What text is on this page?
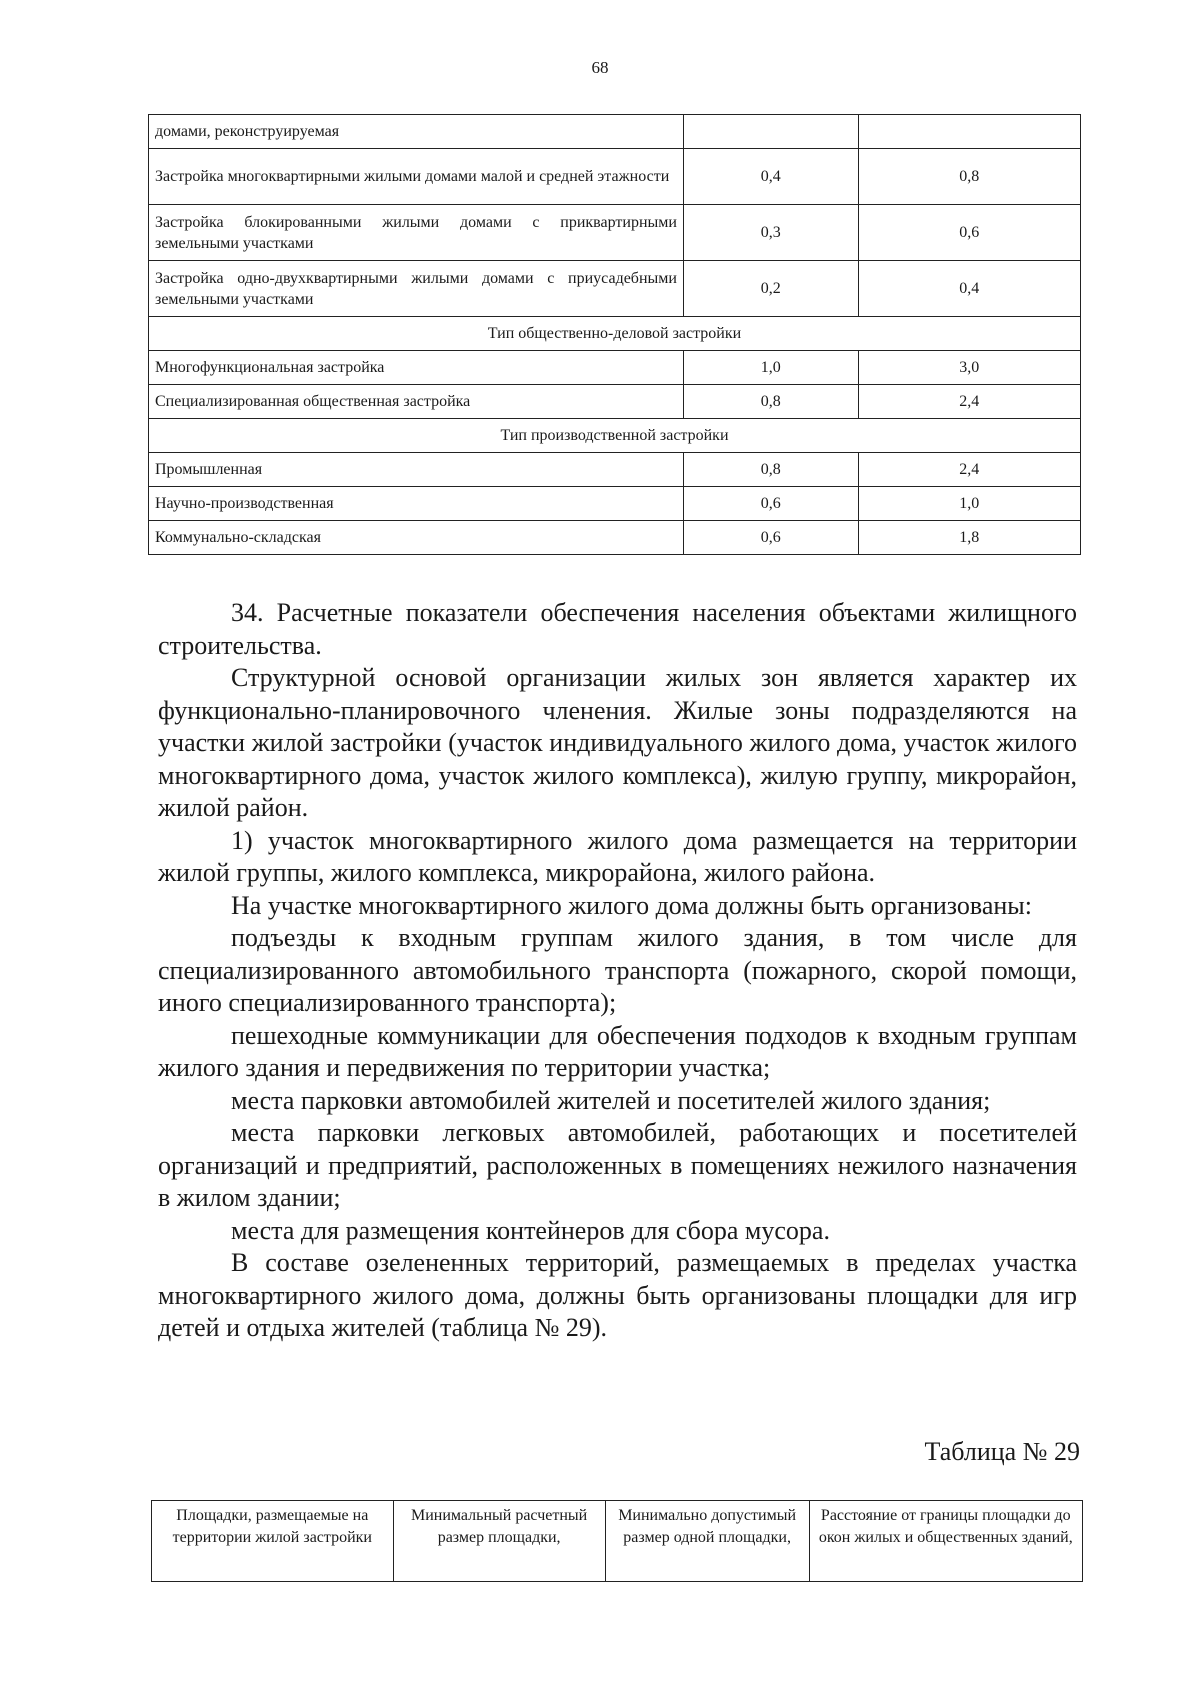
68
домами, реконструируемая		
Застройка многоквартирными жилыми домами малой и средней этажности	0,4	0,8
Застройка блокированными жилыми домами с приквартирными земельными участками	0,3	0,6
Застройка одно-двухквартирными жилыми домами с приусадебными земельными участками	0,2	0,4
Тип общественно-деловой застройки		
Многофункциональная застройка	1,0	3,0
Специализированная общественная застройка	0,8	2,4
Тип производственной застройки		
Промышленная	0,8	2,4
Научно-производственная	0,6	1,0
Коммунально-складская	0,6	1,8

34. Расчетные показатели обеспечения населения объектами жилищного строительства.

Структурной основой организации жилых зон является характер их функционально-планировочного членения. Жилые зоны подразделяются на участки жилой застройки (участок индивидуального жилого дома, участок жилого многоквартирного дома, участок жилого комплекса), жилую группу, микрорайон, жилой район.

1) участок многоквартирного жилого дома размещается на территории жилой группы, жилого комплекса, микрорайона, жилого района.

На участке многоквартирного жилого дома должны быть организованы:

подъезды к входным группам жилого здания, в том числе для специализированного автомобильного транспорта (пожарного, скорой помощи, иного специализированного транспорта);

пешеходные коммуникации для обеспечения подходов к входным группам жилого здания и передвижения по территории участка;

места парковки автомобилей жителей и посетителей жилого здания;

места парковки легковых автомобилей, работающих и посетителей организаций и предприятий, расположенных в помещениях нежилого назначения в жилом здании;

места для размещения контейнеров для сбора мусора.

В составе озелененных территорий, размещаемых в пределах участка многоквартирного жилого дома, должны быть организованы площадки для игр детей и отдыха жителей (таблица № 29).

Таблица № 29
Площадки, размещаемые на территории жилой застройки	Минимальный расчетный размер площадки,	Минимально допустимый размер одной площадки,	Расстояние от границы площадки до окон жилых и общественных зданий,
